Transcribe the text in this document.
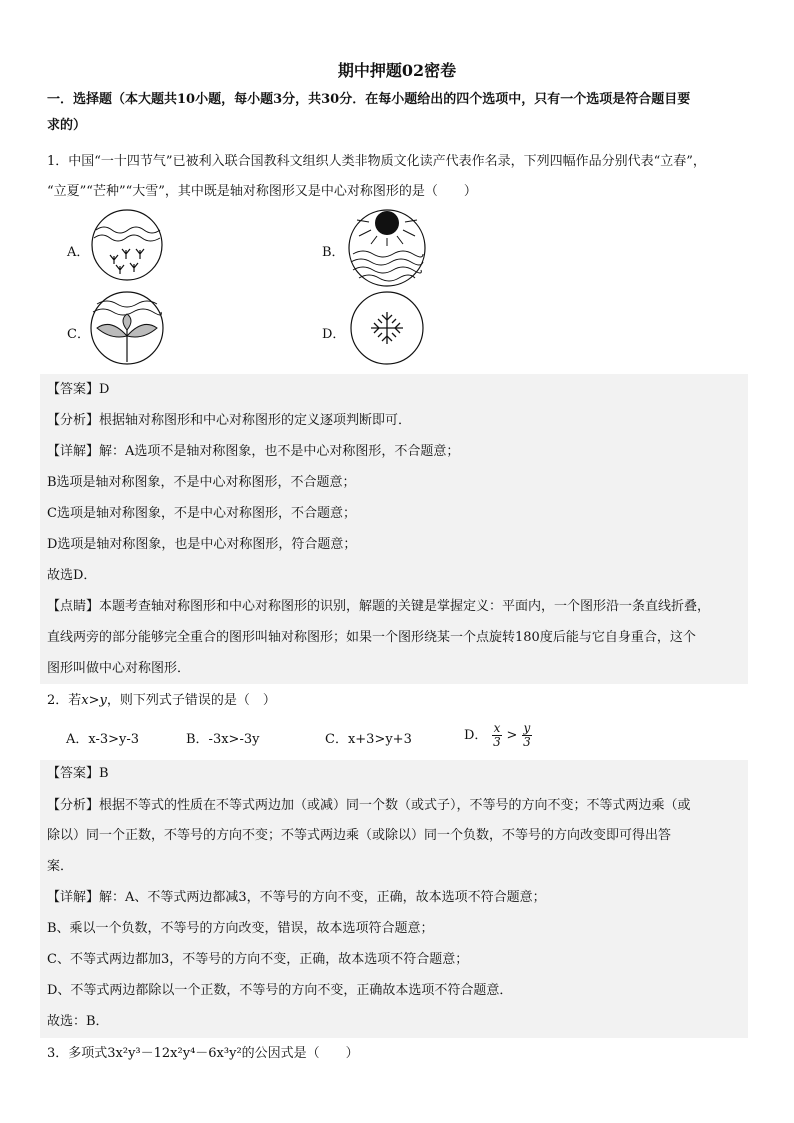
期中押题02密卷
一．选择题（本大题共10小题，每小题3分，共30分．在每小题给出的四个选项中，只有一个选项是符合题目要
求的）
1．中国“一十四节气”已被利入联合国教科文组织人类非物质文化读产代表作名录，下列四幅作品分别代表“立春”，
“立夏”“芒种”“大雪”，其中既是轴对称图形又是中心对称图形的是（　　）
A．	B．
C．	D．
【答案】D
【分析】根据轴对称图形和中心对称图形的定义逐项判断即可．
【详解】解：A选项不是轴对称图象，也不是中心对称图形，不合题意；
B选项是轴对称图象，不是中心对称图形，不合题意；
C选项是轴对称图象，不是中心对称图形，不合题意；
D选项是轴对称图象，也是中心对称图形，符合题意；
故选D．
【点睛】本题考查轴对称图形和中心对称图形的识别，解题的关键是掌握定义：平面内，一个图形沿一条直线折叠，
直线两旁的部分能够完全重合的图形叫轴对称图形；如果一个图形绕某一个点旋转180度后能与它自身重合，这个
图形叫做中心对称图形．
2．若x>y，则下列式子错误的是（　）
A．x-3>y-3	B．-3x>-3y	C．x+3>y+3	D． $\frac{x}{3} > \frac{y}{3}$
【答案】B
【分析】根据不等式的性质在不等式两边加（或减）同一个数（或式子），不等号的方向不变；不等式两边乘（或
除以）同一个正数，不等号的方向不变；不等式两边乘（或除以）同一个负数，不等号的方向改变即可得出答
案．
【详解】解：A、不等式两边都减3，不等号的方向不变，正确，故本选项不符合题意；
B、乘以一个负数，不等号的方向改变，错误，故本选项符合题意；
C、不等式两边都加3，不等号的方向不变，正确，故本选项不符合题意；
D、不等式两边都除以一个正数，不等号的方向不变，正确故本选项不符合题意．
故选：B．
3．多项式3x²y³－12x²y⁴－6x³y²的公因式是（　　）
